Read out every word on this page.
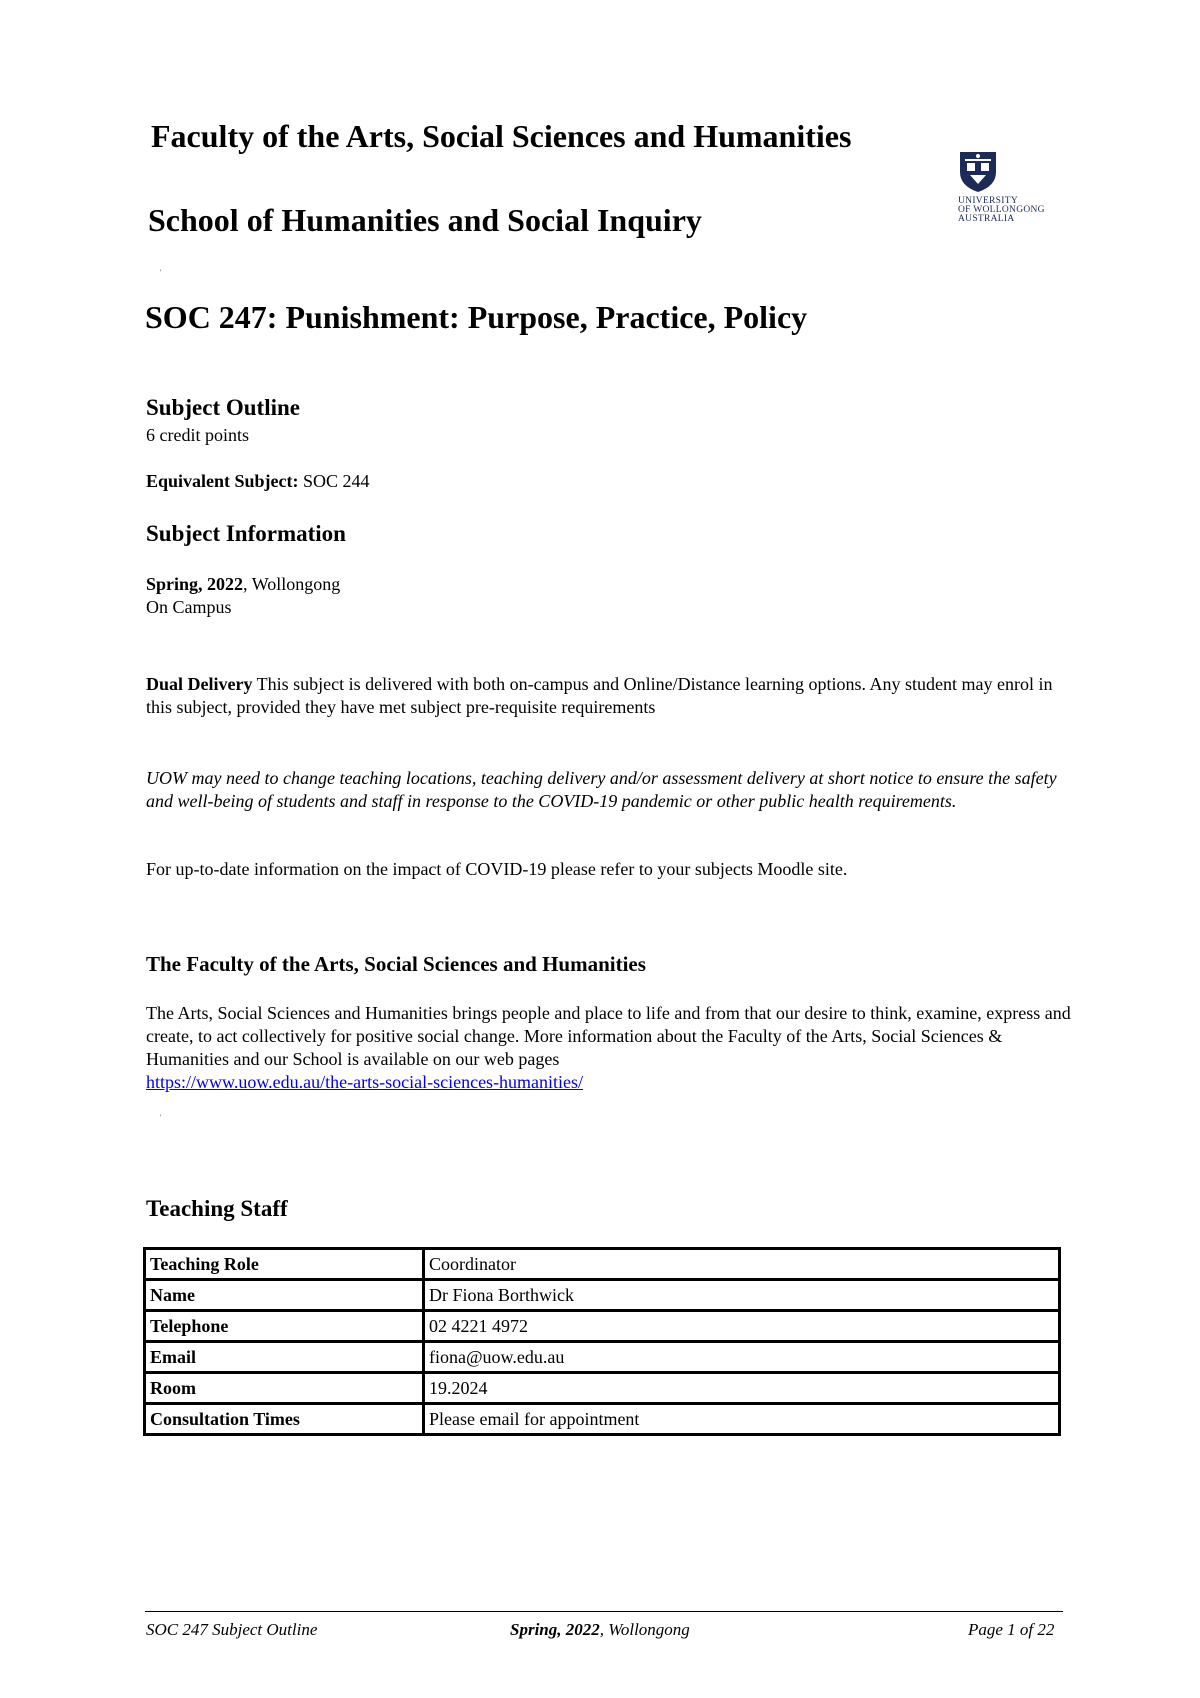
Faculty of the Arts, Social Sciences and Humanities
School of Humanities and Social Inquiry
UNIVERSITY
OF WOLLONGONG
AUSTRALIA
'
SOC 247: Punishment: Purpose, Practice, Policy
Subject Outline
6 credit points
Equivalent Subject: SOC 244
Subject Information
Spring, 2022, Wollongong
On Campus
Dual Delivery This subject is delivered with both on-campus and Online/Distance learning options. Any student may enrol in this subject, provided they have met subject pre-requisite requirements
UOW may need to change teaching locations, teaching delivery and/or assessment delivery at short notice to ensure the safety and well-being of students and staff in response to the COVID-19 pandemic or other public health requirements.
For up-to-date information on the impact of COVID-19 please refer to your subjects Moodle site.
The Faculty of the Arts, Social Sciences and Humanities
The Arts, Social Sciences and Humanities brings people and place to life and from that our desire to think, examine, express and create, to act collectively for positive social change. More information about the Faculty of the Arts, Social Sciences & Humanities and our School is available on our web pages
https://www.uow.edu.au/the-arts-social-sciences-humanities/
'
Teaching Staff
Teaching Role	Coordinator
Name	Dr Fiona Borthwick
Telephone	02 4221 4972
Email	fiona@uow.edu.au
Room	19.2024
Consultation Times	Please email for appointment
SOC 247 Subject Outline	Spring, 2022, Wollongong	Page 1 of 22
